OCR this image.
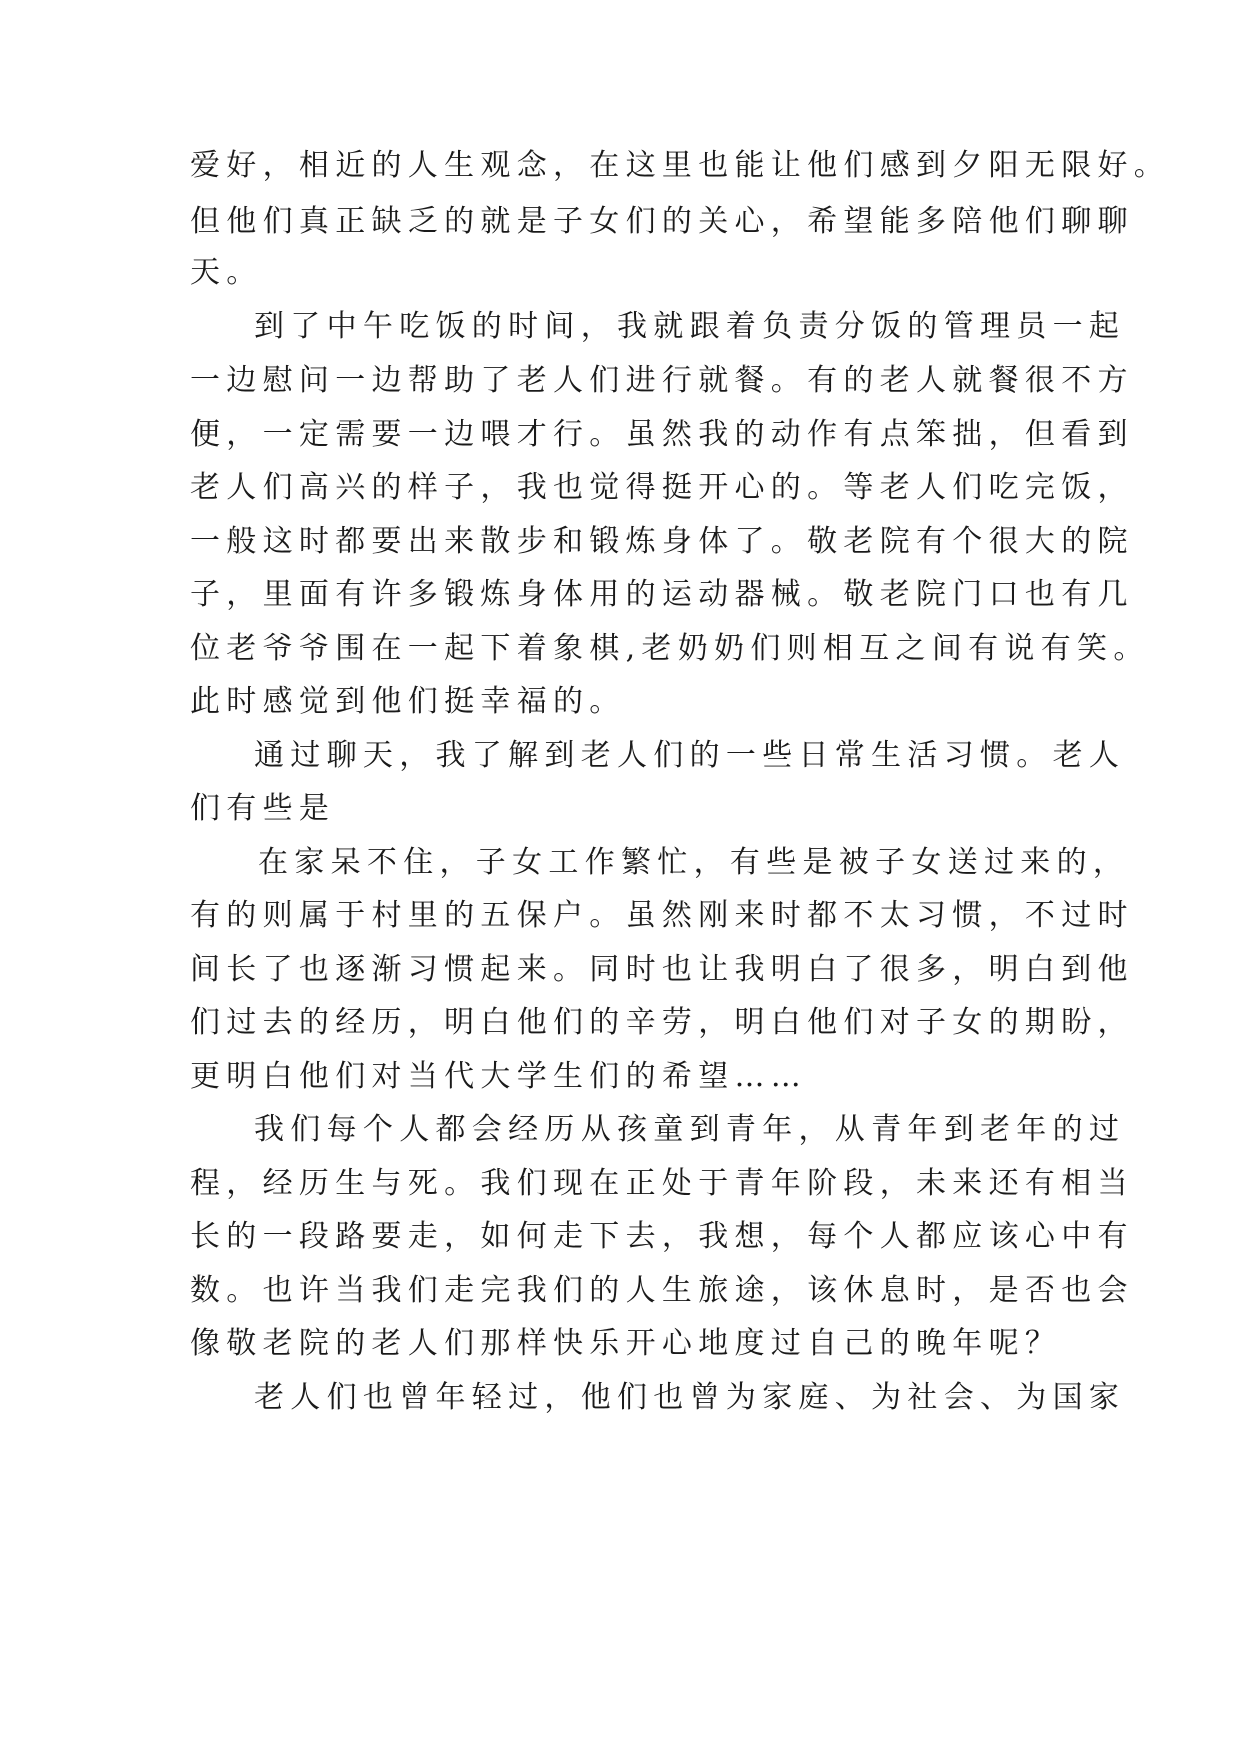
爱好，相近的人生观念，在这里也能让他们感到夕阳无限好。
但他们真正缺乏的就是子女们的关心，希望能多陪他们聊聊
天。
到了中午吃饭的时间，我就跟着负责分饭的管理员一起
一边慰问一边帮助了老人们进行就餐。有的老人就餐很不方
便，一定需要一边喂才行。虽然我的动作有点笨拙，但看到
老人们高兴的样子，我也觉得挺开心的。等老人们吃完饭，
一般这时都要出来散步和锻炼身体了。敬老院有个很大的院
子，里面有许多锻炼身体用的运动器械。敬老院门口也有几
位老爷爷围在一起下着象棋,老奶奶们则相互之间有说有笑。
此时感觉到他们挺幸福的。
通过聊天，我了解到老人们的一些日常生活习惯。老人
们有些是
在家呆不住，子女工作繁忙，有些是被子女送过来的，
有的则属于村里的五保户。虽然刚来时都不太习惯，不过时
间长了也逐渐习惯起来。同时也让我明白了很多，明白到他
们过去的经历，明白他们的辛劳，明白他们对子女的期盼，
更明白他们对当代大学生们的希望……
我们每个人都会经历从孩童到青年，从青年到老年的过
程，经历生与死。我们现在正处于青年阶段，未来还有相当
长的一段路要走，如何走下去，我想，每个人都应该心中有
数。也许当我们走完我们的人生旅途，该休息时，是否也会
像敬老院的老人们那样快乐开心地度过自己的晚年呢？
老人们也曾年轻过，他们也曾为家庭、为社会、为国家
